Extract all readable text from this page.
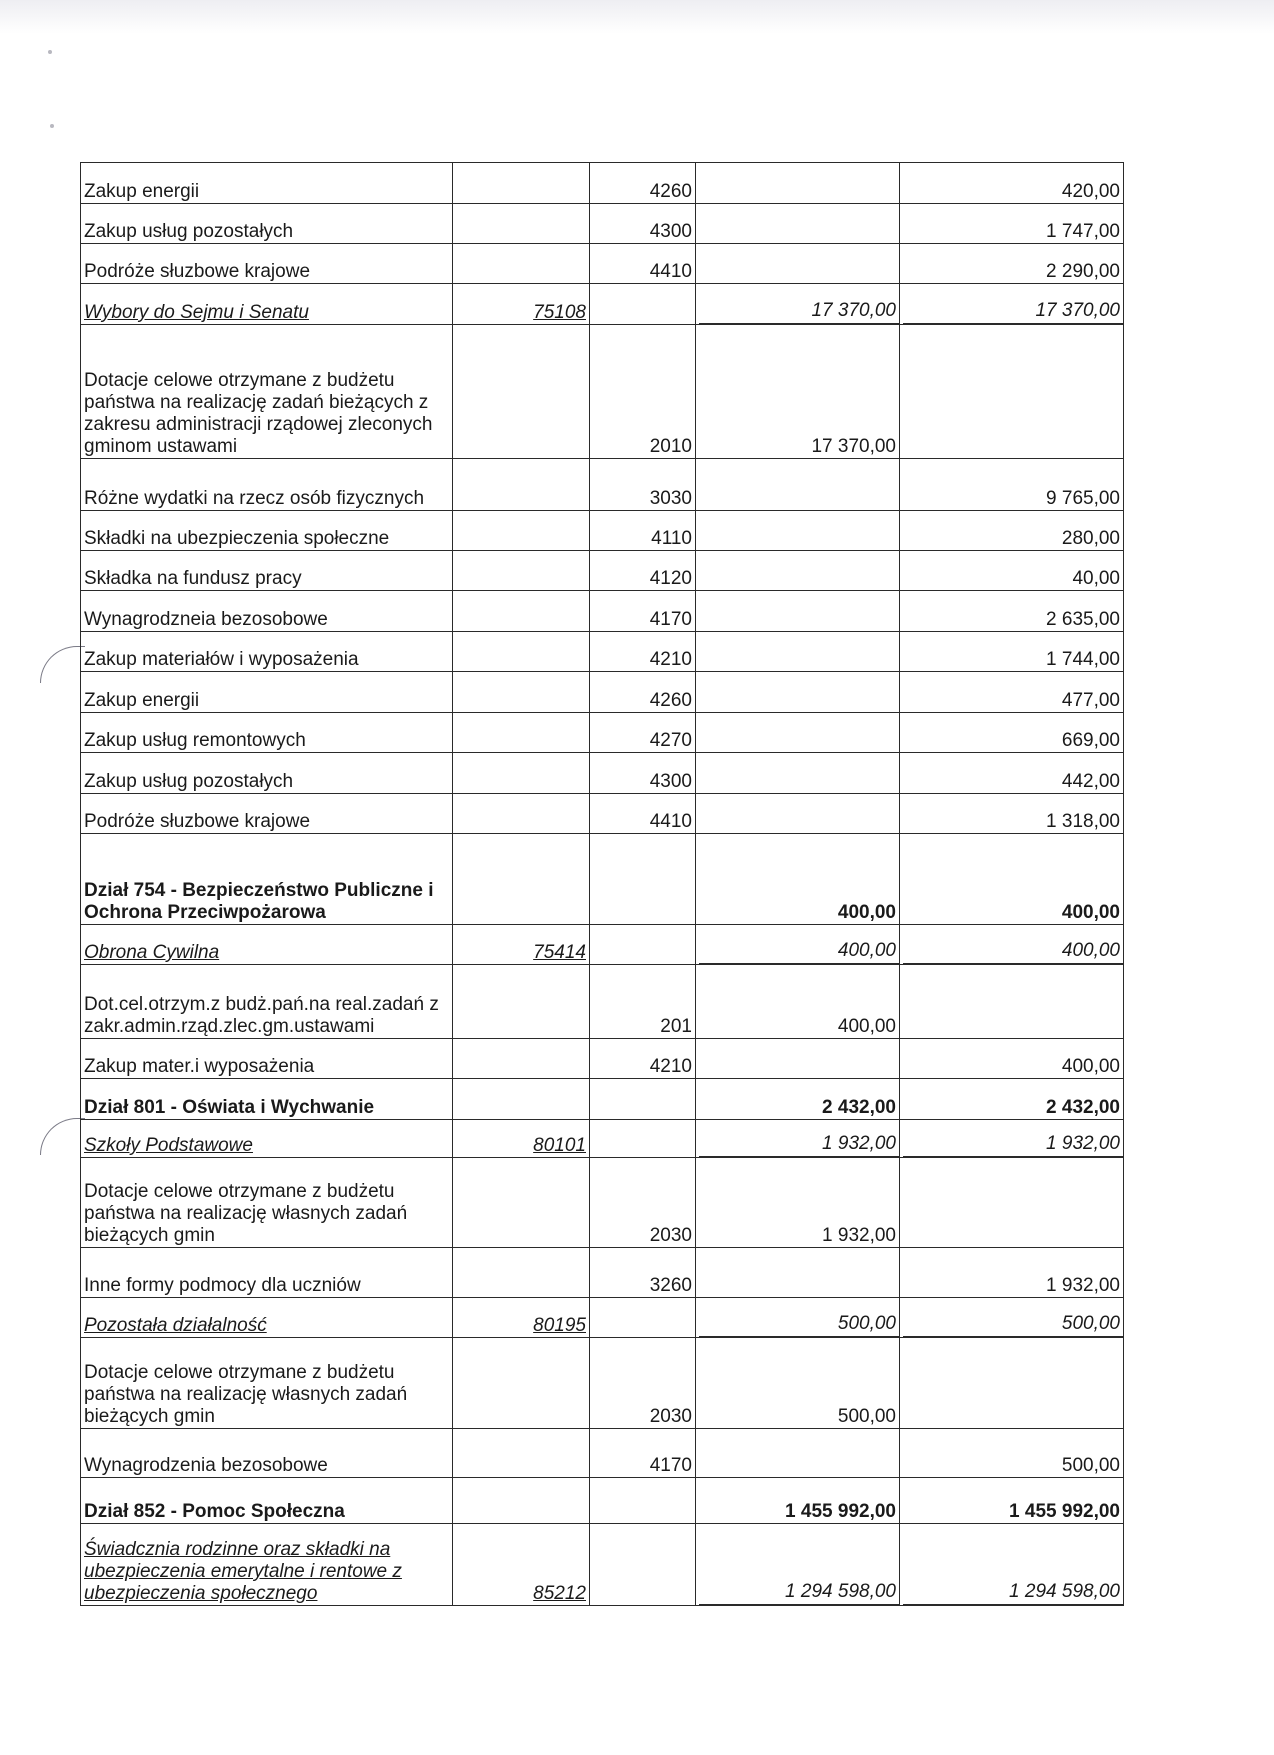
Zakup energii		4260		420,00
Zakup usług pozostałych		4300		1 747,00
Podróże słuzbowe krajowe		4410		2 290,00
Wybory do Sejmu i Senatu	75108		17 370,00	17 370,00
Dotacje celowe otrzymane z budżetu państwa na realizację zadań bieżących z zakresu administracji rządowej zleconych gminom ustawami		2010	17 370,00	
Różne wydatki na rzecz osób fizycznych		3030		9 765,00
Składki na ubezpieczenia społeczne		4110		280,00
Składka na fundusz pracy		4120		40,00
Wynagrodzneia bezosobowe		4170		2 635,00
Zakup materiałów i wyposażenia		4210		1 744,00
Zakup energii		4260		477,00
Zakup usług remontowych		4270		669,00
Zakup usług pozostałych		4300		442,00
Podróże słuzbowe krajowe		4410		1 318,00
Dział 754 - Bezpieczeństwo Publiczne i Ochrona Przeciwpożarowa			400,00	400,00
Obrona Cywilna	75414		400,00	400,00
Dot.cel.otrzym.z budż.pań.na real.zadań z zakr.admin.rząd.zlec.gm.ustawami		201	400,00	
Zakup mater.i wyposażenia		4210		400,00
Dział 801 - Oświata i Wychwanie			2 432,00	2 432,00
Szkoły Podstawowe	80101		1 932,00	1 932,00
Dotacje celowe otrzymane z budżetu państwa na realizację własnych zadań bieżących gmin		2030	1 932,00	
Inne formy podmocy dla uczniów		3260		1 932,00
Pozostała działalność	80195		500,00	500,00
Dotacje celowe otrzymane z budżetu państwa na realizację własnych zadań bieżących gmin		2030	500,00	
Wynagrodzenia bezosobowe		4170		500,00
Dział 852 - Pomoc Społeczna			1 455 992,00	1 455 992,00
Świadcznia rodzinne oraz składki na ubezpieczenia emerytalne i rentowe z ubezpieczenia społecznego	85212		1 294 598,00	1 294 598,00
